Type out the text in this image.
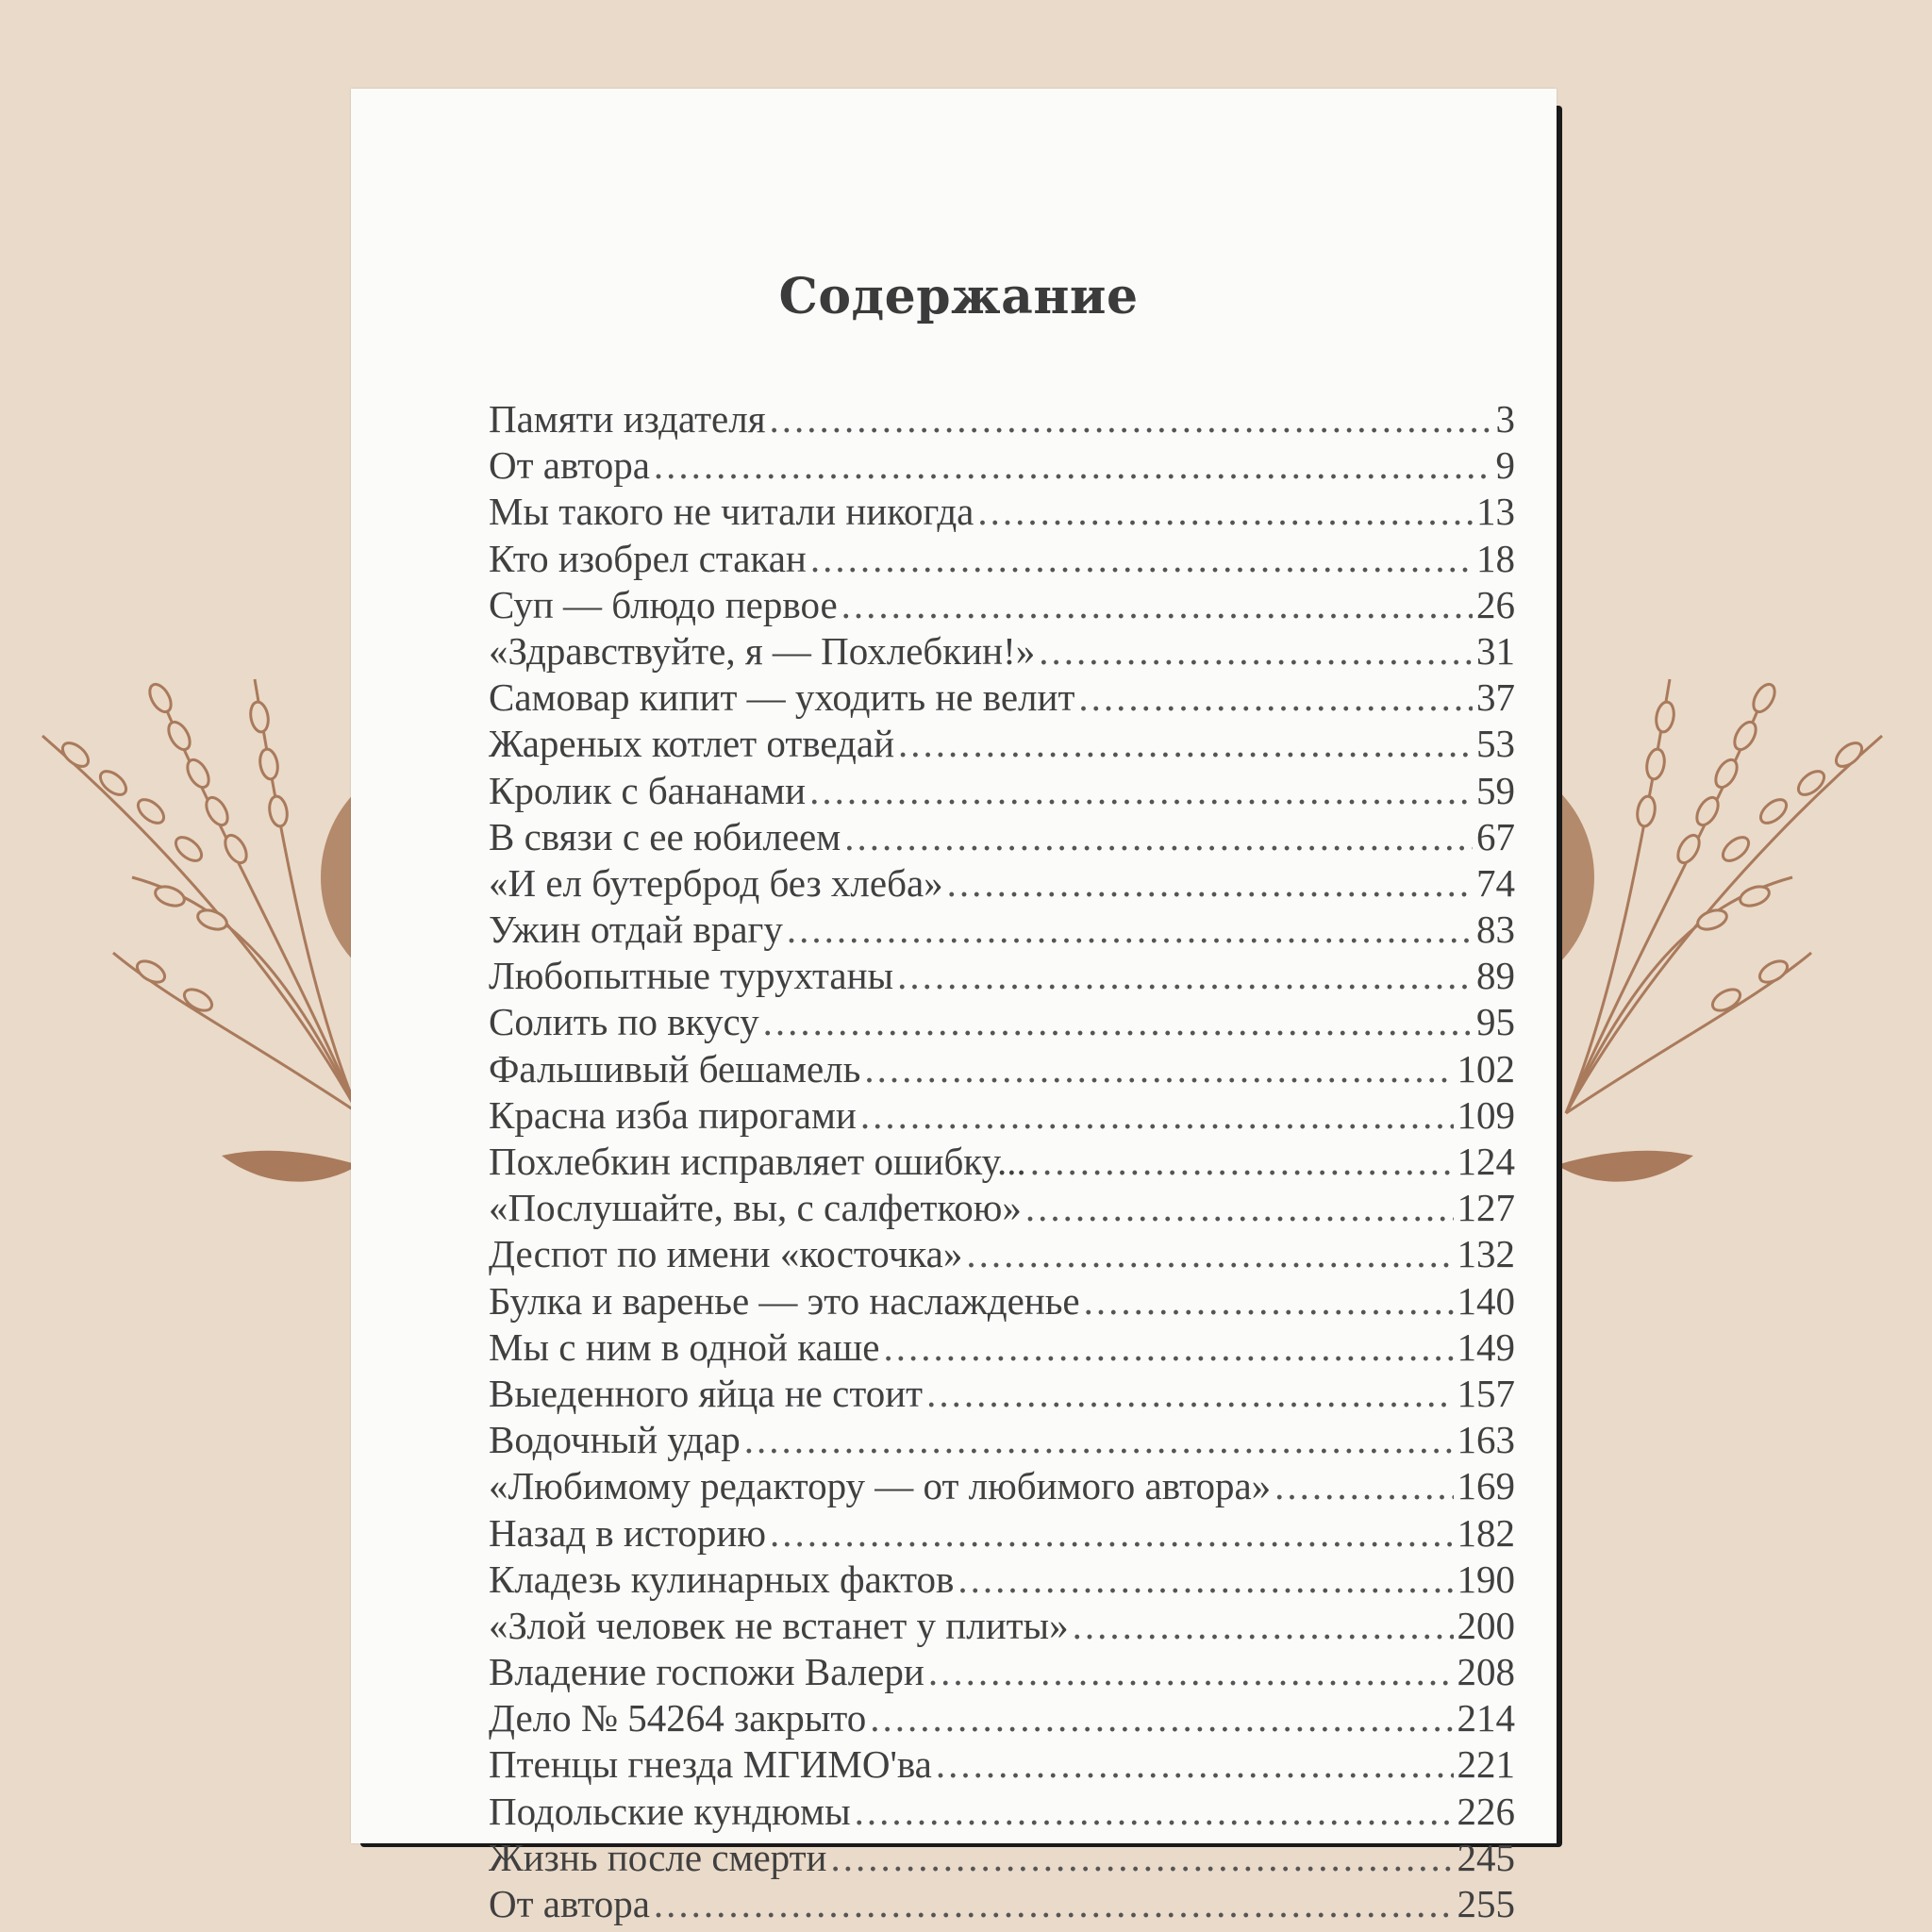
Содержание
Памяти издателя .....	3
От автора .....	9
Мы такого не читали никогда .....	13
Кто изобрел стакан .....	18
Суп — блюдо первое .....	26
«Здравствуйте, я — Похлебкин!» .....	31
Самовар кипит — уходить не велит .....	37
Жареных котлет отведай .....	53
Кролик с бананами .....	59
В связи с ее юбилеем .....	67
«И ел бутерброд без хлеба» .....	74
Ужин отдай врагу .....	83
Любопытные турухтаны .....	89
Солить по вкусу .....	95
Фальшивый бешамель .....	102
Красна изба пирогами .....	109
Похлебкин исправляет ошибку... .....	124
«Послушайте, вы, с салфеткою» .....	127
Деспот по имени «косточка» .....	132
Булка и варенье — это наслажденье .....	140
Мы с ним в одной каше .....	149
Выеденного яйца не стоит .....	157
Водочный удар .....	163
«Любимому редактору — от любимого автора» .....	169
Назад в историю .....	182
Кладезь кулинарных фактов .....	190
«Злой человек не встанет у плиты» .....	200
Владение госпожи Валери .....	208
Дело № 54264 закрыто .....	214
Птенцы гнезда МГИМО'ва .....	221
Подольские кундюмы .....	226
Жизнь после смерти .....	245
От автора .....	255
